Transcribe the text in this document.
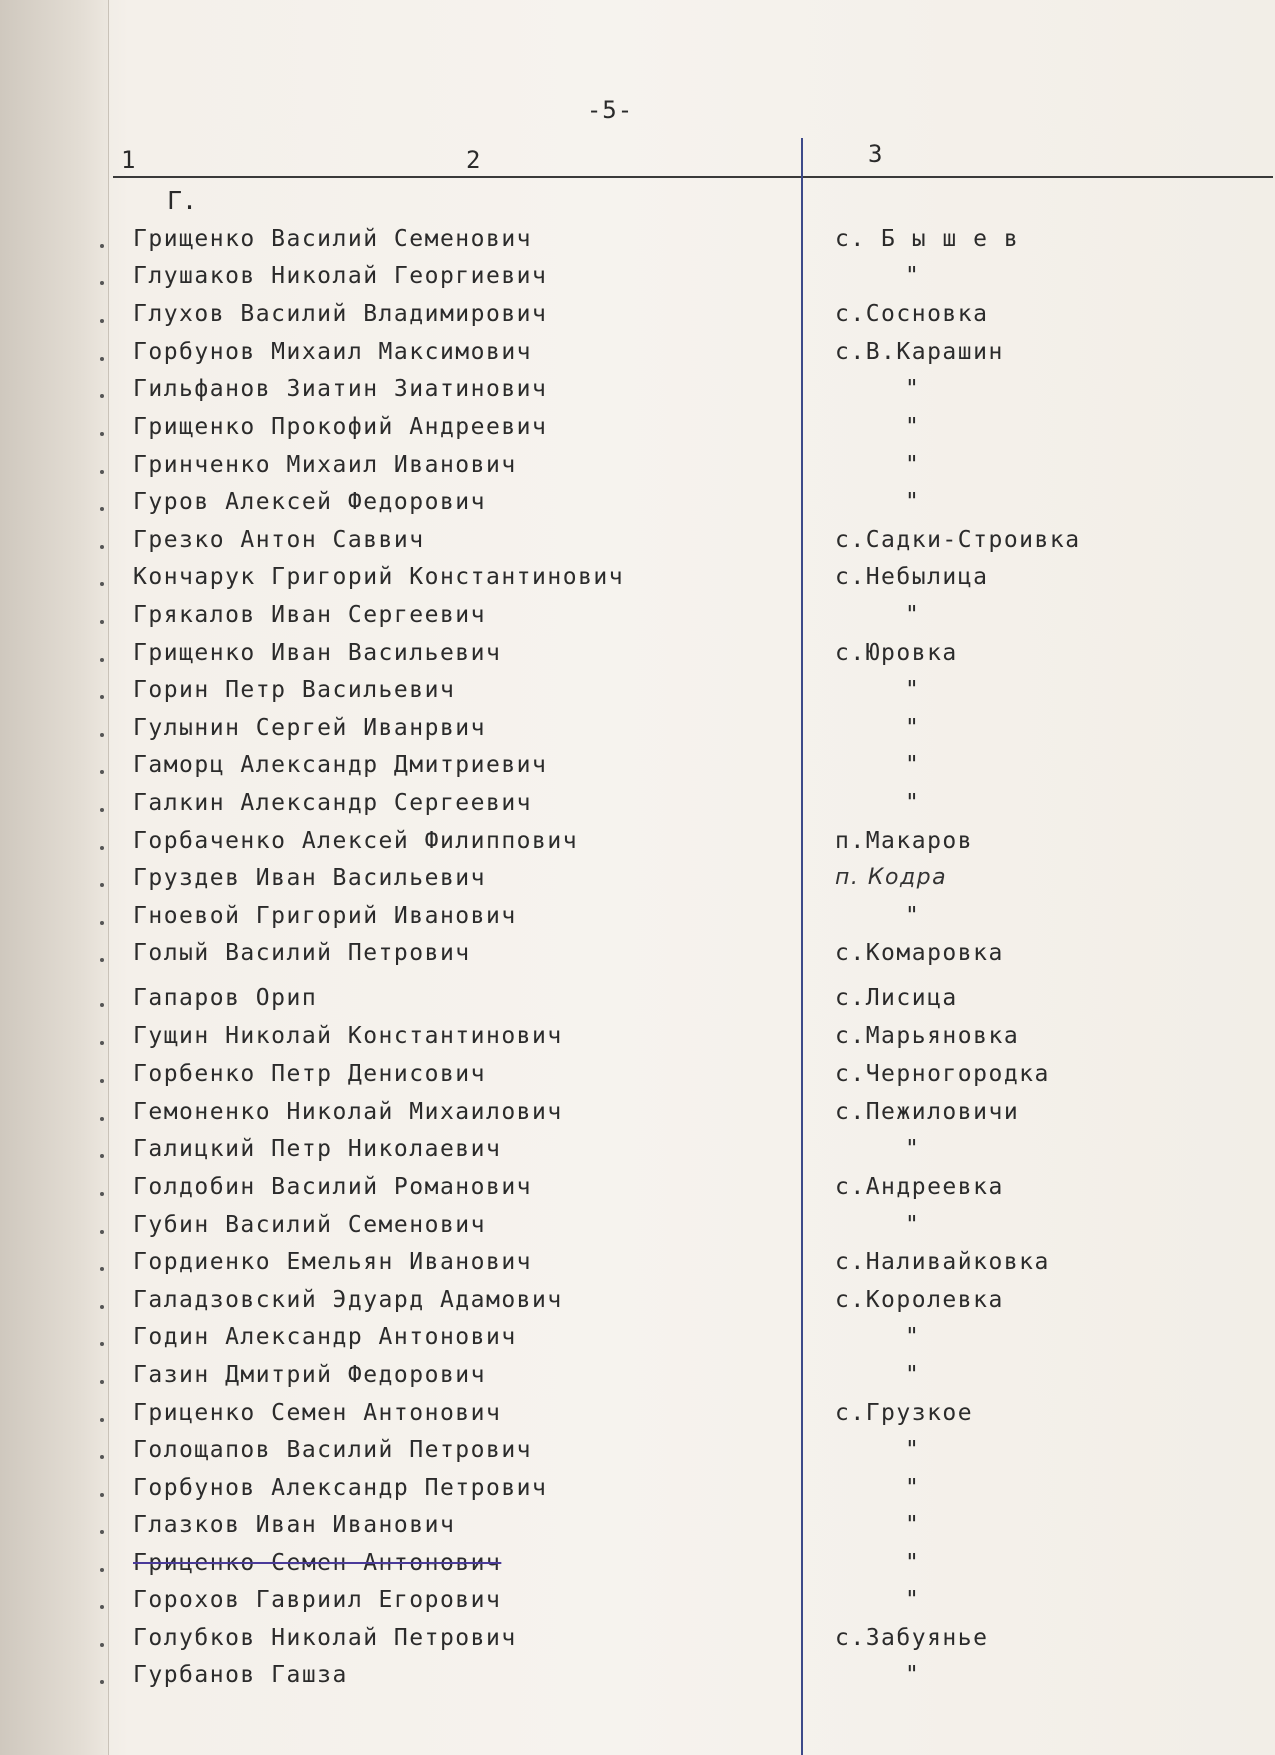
-5-
1	2	3
Г.
Грищенко Василий Семенович	с. Б ы ш е в
Глушаков Николай Георгиевич	"
Глухов Василий Владимирович	с.Сосновка
Горбунов Михаил Максимович	с.В.Карашин
Гильфанов Зиатин Зиатинович	"
Грищенко Прокофий Андреевич	"
Гринченко Михаил Иванович	"
Гуров Алексей Федорович	"
Грезко Антон Саввич	с.Садки-Строивка
Кончарук Григорий Константинович	с.Небылица
Грякалов Иван Сергеевич	"
Грищенко Иван Васильевич	с.Юровка
Горин Петр Васильевич	"
Гулынин Сергей Иванрвич	"
Гаморц Александр Дмитриевич	"
Галкин Александр Сергеевич	"
Горбаченко Алексей Филиппович	п.Макаров
Груздев Иван Васильевич	п. Кодра
Гноевой Григорий Иванович	"
Голый Василий Петрович	с.Комаровка
Гапаров Орип	с.Лисица
Гущин Николай Константинович	с.Марьяновка
Горбенко Петр Денисович	с.Черногородка
Гемоненко Николай Михаилович	с.Пежиловичи
Галицкий Петр Николаевич	"
Голдобин Василий Романович	с.Андреевка
Губин Василий Семенович	"
Гордиенко Емельян Иванович	с.Наливайковка
Галадзовский Эдуард Адамович	с.Королевка
Годин Александр Антонович	"
Газин Дмитрий Федорович	"
Гриценко Семен Антонович	с.Грузкое
Голощапов Василий Петрович	"
Горбунов Александр Петрович	"
Глазков Иван Иванович	"
Гриценко Семен Антонович	"
Горохов Гавриил Егорович	"
Голубков Николай Петрович	с.Забуянье
Гурбанов Гашза	"
